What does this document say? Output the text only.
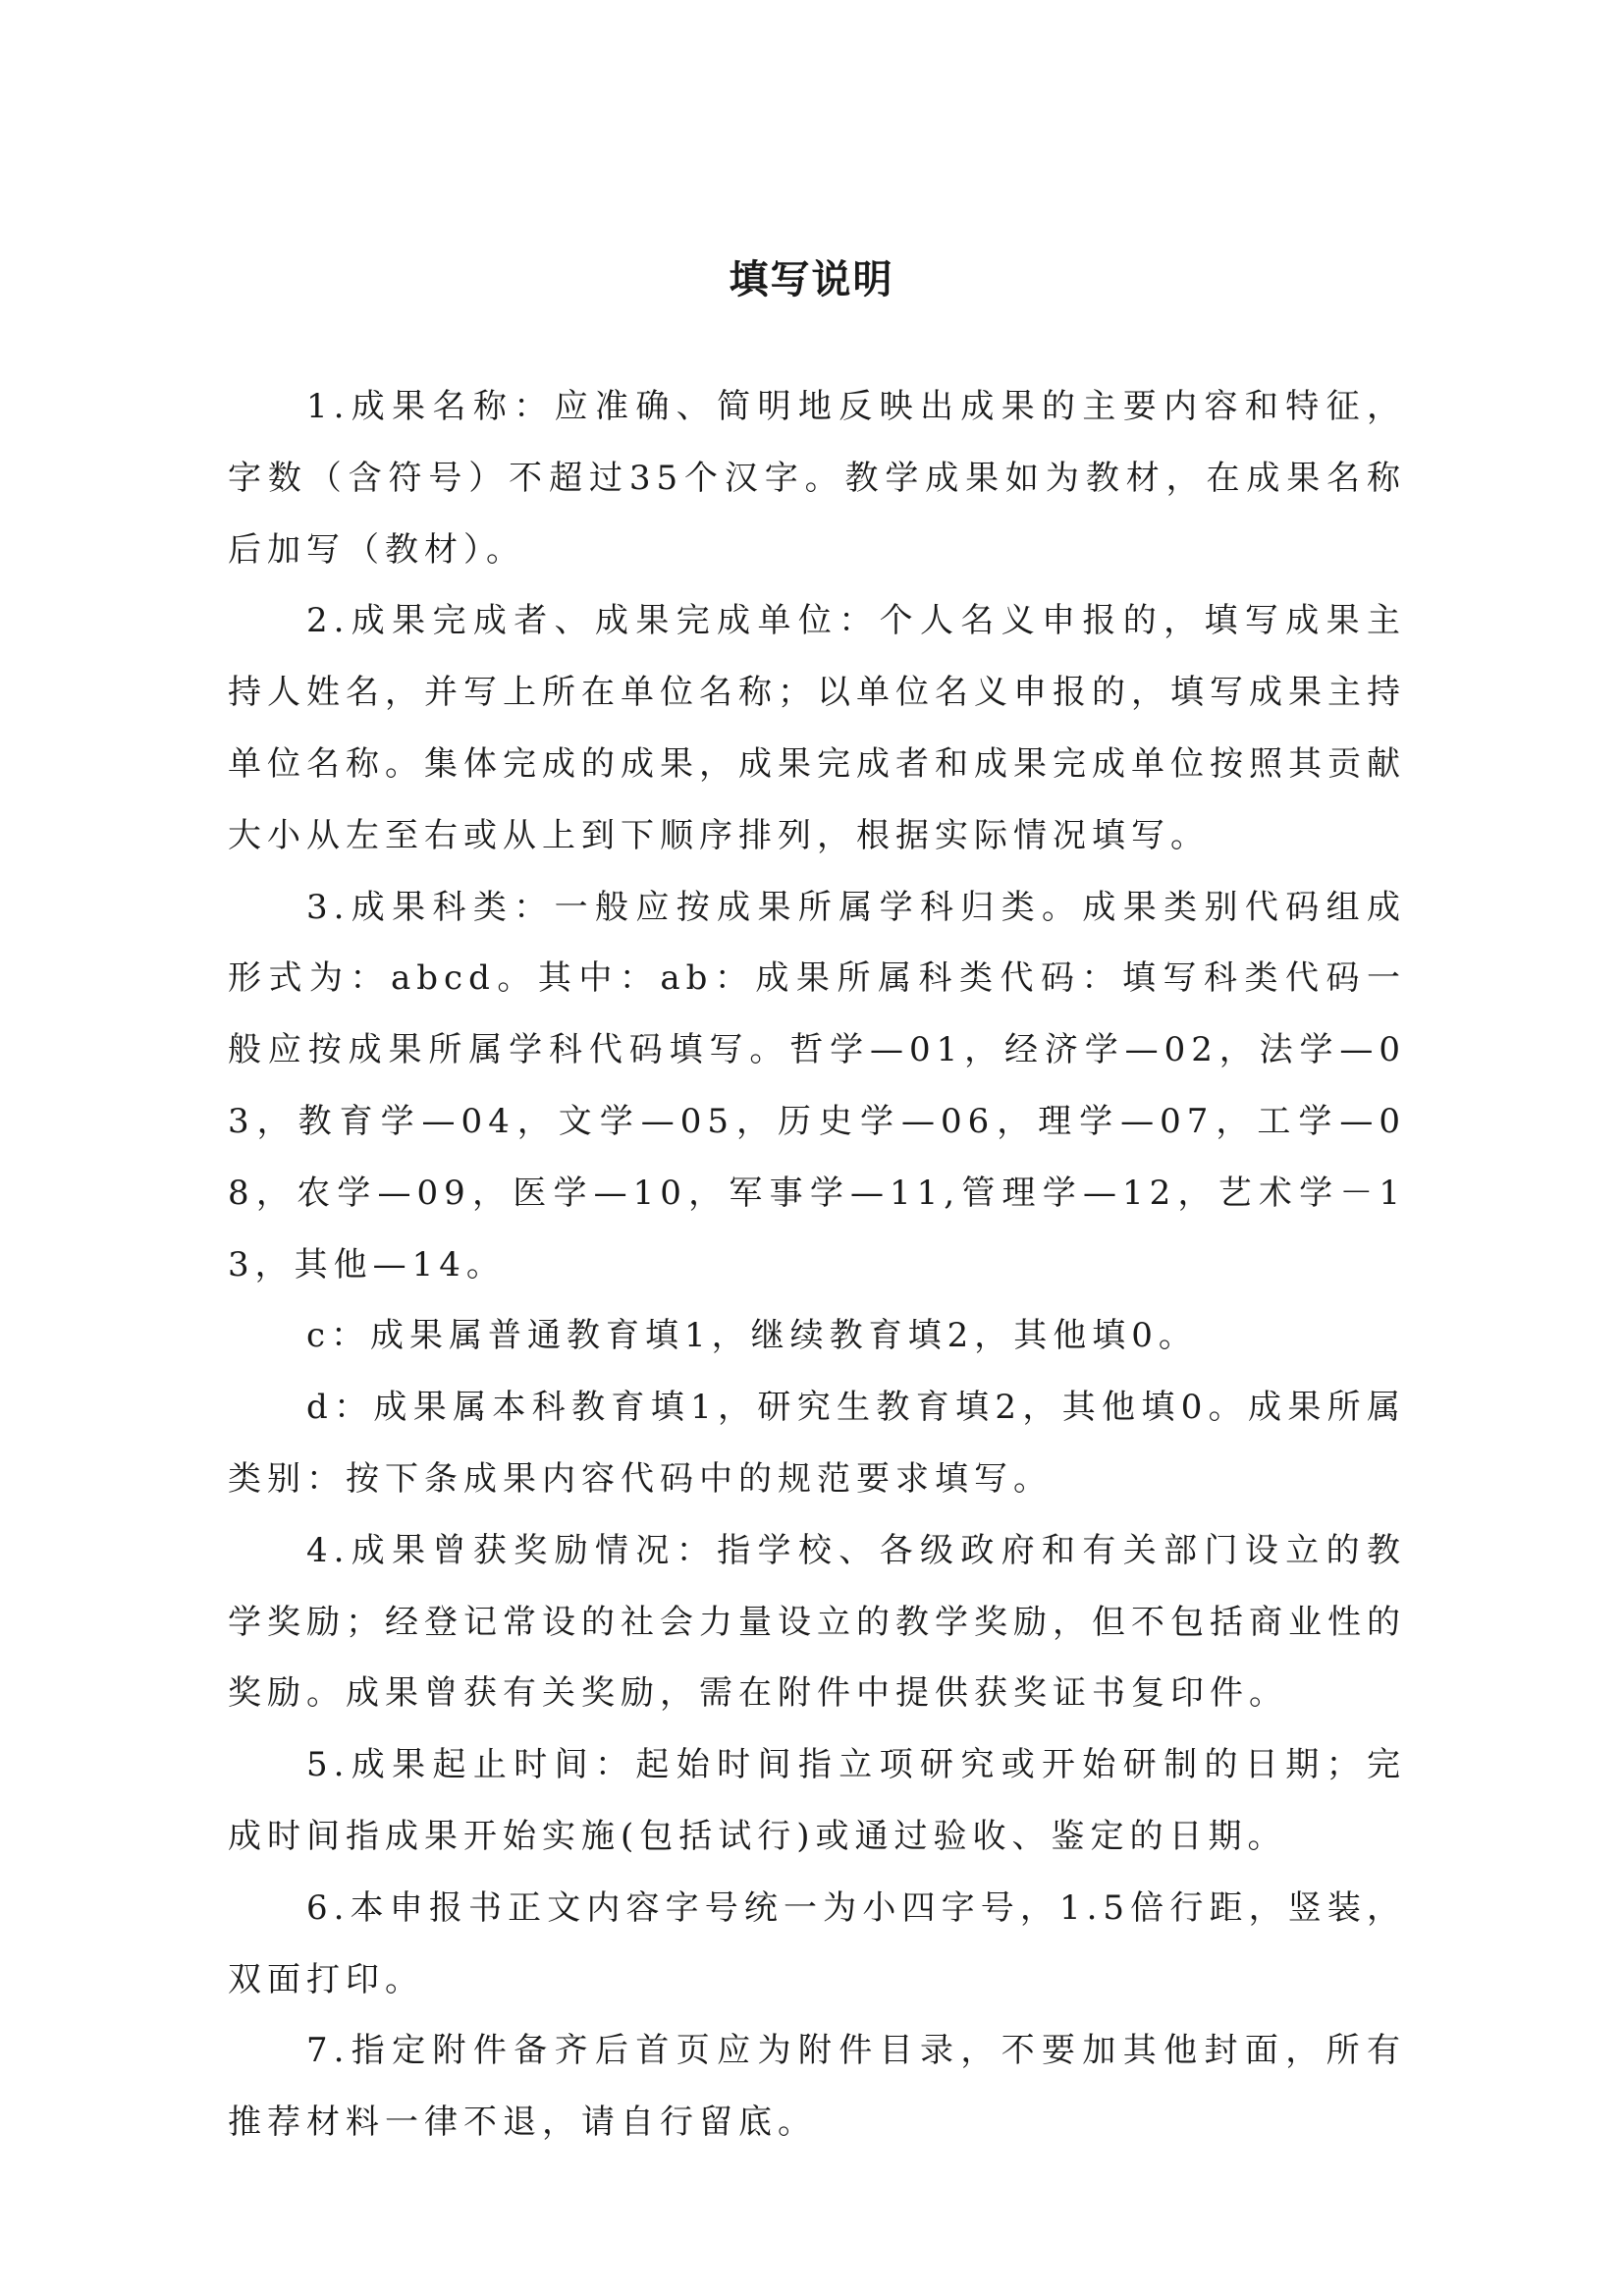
填写说明

1.成果名称：应准确、简明地反映出成果的主要内容和特征，字数（含符号）不超过35个汉字。教学成果如为教材，在成果名称后加写（教材）。

2.成果完成者、成果完成单位：个人名义申报的，填写成果主持人姓名，并写上所在单位名称；以单位名义申报的，填写成果主持单位名称。集体完成的成果，成果完成者和成果完成单位按照其贡献大小从左至右或从上到下顺序排列，根据实际情况填写。

3.成果科类：一般应按成果所属学科归类。成果类别代码组成形式为：abcd。其中：ab：成果所属科类代码：填写科类代码一般应按成果所属学科代码填写。哲学—01，经济学—02，法学—03，教育学—04，文学—05，历史学—06，理学—07，工学—08，农学—09，医学—10，军事学—11,管理学—12，艺术学－13，其他—14。

c：成果属普通教育填1，继续教育填2，其他填0。

d：成果属本科教育填1，研究生教育填2，其他填0。成果所属类别：按下条成果内容代码中的规范要求填写。

4.成果曾获奖励情况：指学校、各级政府和有关部门设立的教学奖励；经登记常设的社会力量设立的教学奖励，但不包括商业性的奖励。成果曾获有关奖励，需在附件中提供获奖证书复印件。

5.成果起止时间：起始时间指立项研究或开始研制的日期；完成时间指成果开始实施(包括试行)或通过验收、鉴定的日期。

6.本申报书正文内容字号统一为小四字号，1.5倍行距，竖装，双面打印。

7.指定附件备齐后首页应为附件目录，不要加其他封面，所有推荐材料一律不退，请自行留底。
